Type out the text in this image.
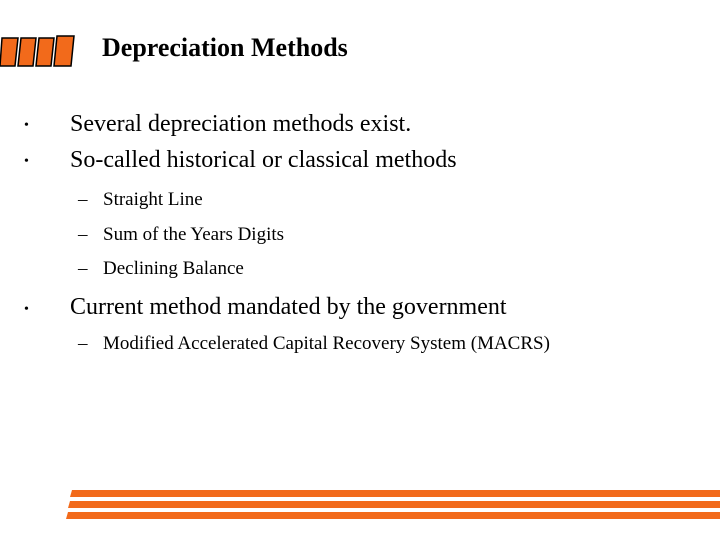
Depreciation Methods
• Several depreciation methods exist.
• So-called historical or classical methods
– Straight Line
– Sum of the Years Digits
– Declining Balance
• Current method mandated by the government
– Modified Accelerated Capital Recovery System (MACRS)
